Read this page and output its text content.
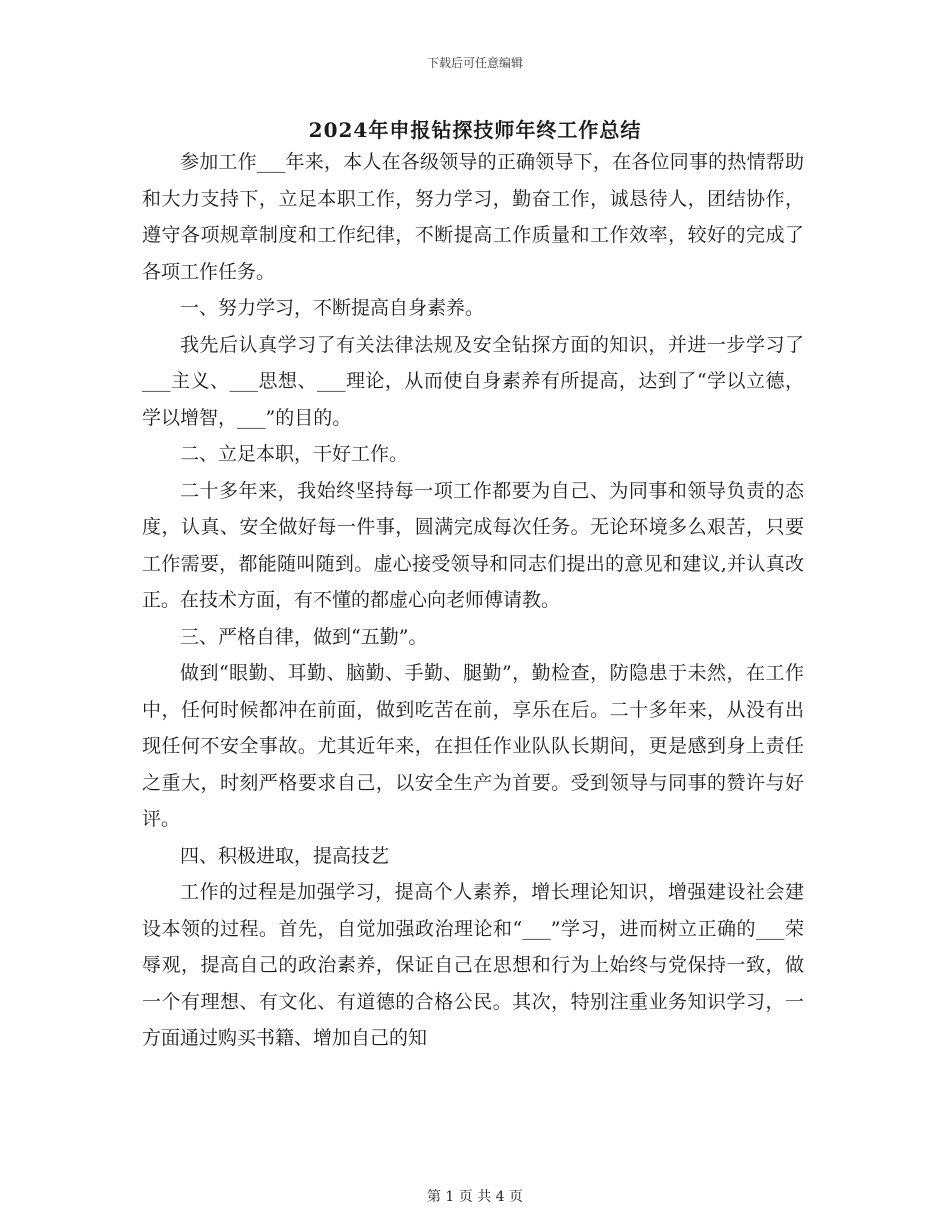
下载后可任意编辑
2024年申报钻探技师年终工作总结

参加工作___年来，本人在各级领导的正确领导下，在各位同事的热情帮助和大力支持下，立足本职工作，努力学习，勤奋工作，诚恳待人，团结协作，遵守各项规章制度和工作纪律，不断提高工作质量和工作效率，较好的完成了各项工作任务。

一、努力学习，不断提高自身素养。

我先后认真学习了有关法律法规及安全钻探方面的知识，并进一步学习了___主义、___思想、___理论，从而使自身素养有所提高，达到了“学以立德，学以增智，___”的目的。

二、立足本职，干好工作。

二十多年来，我始终坚持每一项工作都要为自己、为同事和领导负责的态度，认真、安全做好每一件事，圆满完成每次任务。无论环境多么艰苦，只要工作需要，都能随叫随到。虚心接受领导和同志们提出的意见和建议,并认真改正。在技术方面，有不懂的都虚心向老师傅请教。

三、严格自律，做到“五勤”。

做到“眼勤、耳勤、脑勤、手勤、腿勤”，勤检查，防隐患于未然，在工作中，任何时候都冲在前面，做到吃苦在前，享乐在后。二十多年来，从没有出现任何不安全事故。尤其近年来，在担任作业队队长期间，更是感到身上责任之重大，时刻严格要求自己，以安全生产为首要。受到领导与同事的赞许与好评。

四、积极进取，提高技艺

工作的过程是加强学习，提高个人素养，增长理论知识，增强建设社会建设本领的过程。首先，自觉加强政治理论和“___”学习，进而树立正确的___荣辱观，提高自己的政治素养，保证自己在思想和行为上始终与党保持一致，做一个有理想、有文化、有道德的合格公民。其次，特别注重业务知识学习，一方面通过购买书籍、增加自己的知

第 1 页 共 4 页
